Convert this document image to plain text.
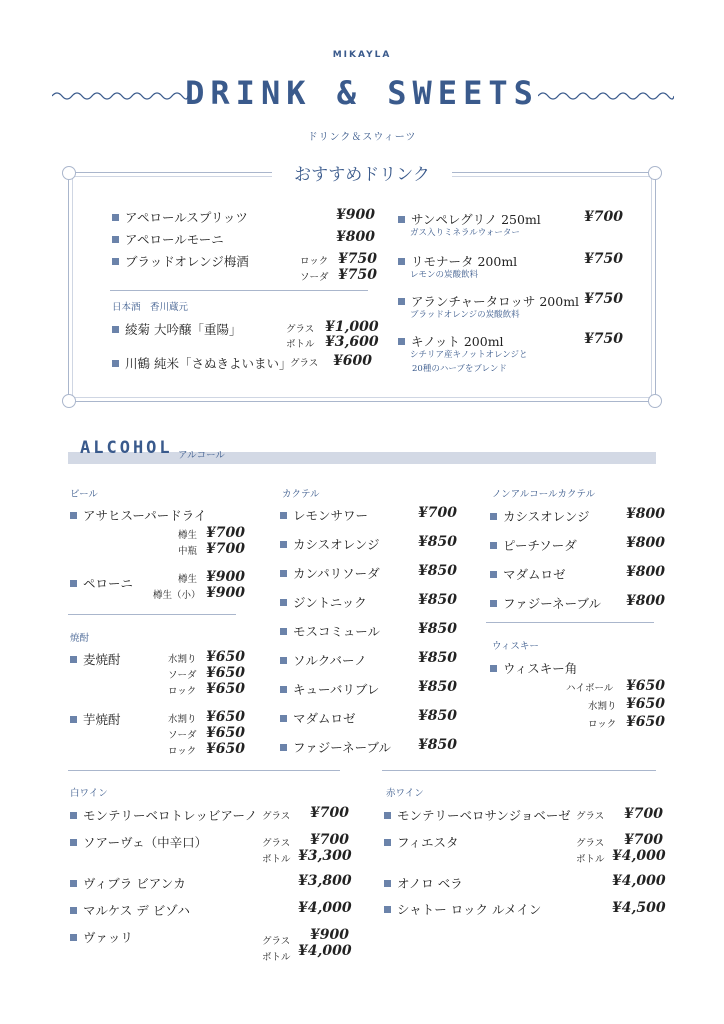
MIKAYLA
DRINK & SWEETS
ドリンク＆スウィーツ
おすすめドリンク
アペロールスプリッツ	¥900
アペロールモーニ	¥800
ブラッドオレンジ梅酒	ロック ¥750
ソーダ ¥750
日本酒　香川蔵元
綾菊 大吟醸「重陽」	グラス ¥1,000
ボトル ¥3,600
川鶴 純米「さぬきよいまい」
グラス ¥600
サンペレグリノ 250ml	¥700
ガス入りミネラルウォーター
リモナータ 200ml	¥750
レモンの炭酸飲料
アランチャータロッサ 200ml ¥750
ブラッドオレンジの炭酸飲料
キノット 200ml	¥750
シチリア産キノットオレンジと
20種のハーブをブレンド
ALCOHOL アルコール
ビール
アサヒスーパードライ
樽生 ¥700
中瓶 ¥700
ペローニ	樽生 ¥900
樽生（小） ¥900
焼酎
麦焼酎	水割り ¥650
ソーダ ¥650
ロック ¥650
芋焼酎	水割り ¥650
ソーダ ¥650
ロック ¥650
カクテル
レモンサワー	¥700
カシスオレンジ	¥850
カンパリソーダ	¥850
ジントニック	¥850
モスコミュール	¥850
ソルクバーノ	¥850
キューバリブレ	¥850
マダムロゼ	¥850
ファジーネーブル ¥850
ノンアルコールカクテル
カシスオレンジ	¥800
ピーチソーダ	¥800
マダムロゼ	¥800
ファジーネーブル ¥800
ウィスキー
ウィスキー角
ハイボール ¥650
水割り ¥650
ロック ¥650
白ワイン
モンテリーベロトレッビアーノ グラス ¥700
ソアーヴェ（中辛口）	グラス ¥700
ボトル ¥3,300
ヴィブラ ビアンカ	¥3,800
マルケス デ ビゾハ	¥4,000
ヴァッリ	グラス ¥900
ボトル ¥4,000
赤ワイン
モンテリーベロサンジョベーゼ グラス ¥700
フィエスタ	グラス ¥700
ボトル ¥4,000
オノロ ベラ	¥4,000
シャトー ロック ルメイン	¥4,500
